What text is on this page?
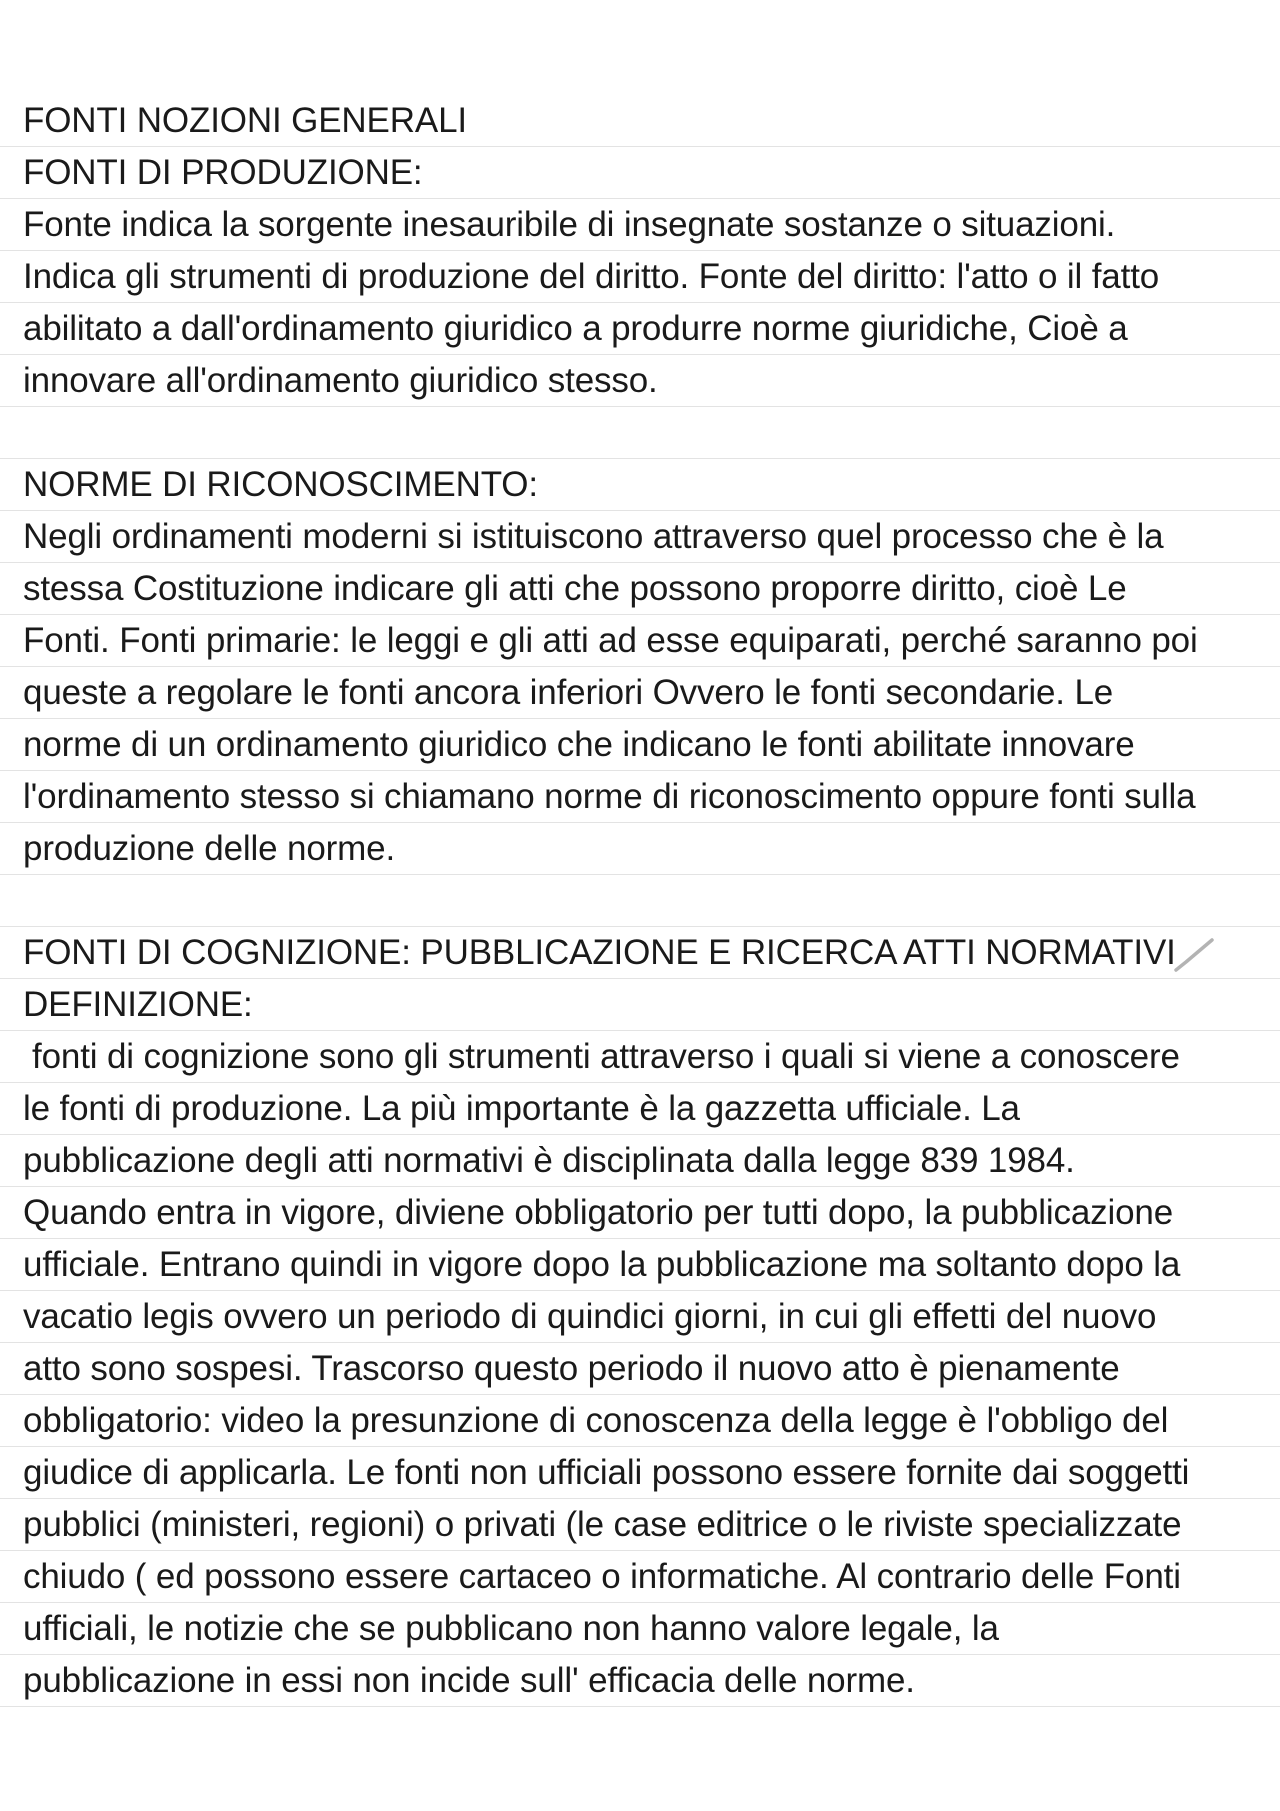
FONTI NOZIONI GENERALI
FONTI DI PRODUZIONE:
Fonte indica la sorgente inesauribile di insegnate sostanze o situazioni.
Indica gli strumenti di produzione del diritto. Fonte del diritto: l'atto o il fatto
abilitato a dall'ordinamento giuridico a produrre norme giuridiche, Cioè a
innovare all'ordinamento giuridico stesso.
NORME DI RICONOSCIMENTO:
Negli ordinamenti moderni si istituiscono attraverso quel processo che è la
stessa Costituzione indicare gli atti che possono proporre diritto, cioè Le
Fonti. Fonti primarie: le leggi e gli atti ad esse equiparati, perché saranno poi
queste a regolare le fonti ancora inferiori Ovvero le fonti secondarie. Le
norme di un ordinamento giuridico che indicano le fonti abilitate innovare
l'ordinamento stesso si chiamano norme di riconoscimento oppure fonti sulla
produzione delle norme.
FONTI DI COGNIZIONE: PUBBLICAZIONE E RICERCA ATTI NORMATIVI
DEFINIZIONE:
fonti di cognizione sono gli strumenti attraverso i quali si viene a conoscere
le fonti di produzione. La più importante è la gazzetta ufficiale. La
pubblicazione degli atti normativi è disciplinata dalla legge 839 1984.
Quando entra in vigore, diviene obbligatorio per tutti dopo, la pubblicazione
ufficiale. Entrano quindi in vigore dopo la pubblicazione ma soltanto dopo la
vacatio legis ovvero un periodo di quindici giorni, in cui gli effetti del nuovo
atto sono sospesi. Trascorso questo periodo il nuovo atto è pienamente
obbligatorio: video la presunzione di conoscenza della legge è l'obbligo del
giudice di applicarla. Le fonti non ufficiali possono essere fornite dai soggetti
pubblici (ministeri, regioni) o privati (le case editrice o le riviste specializzate
chiudo ( ed possono essere cartaceo o informatiche. Al contrario delle Fonti
ufficiali, le notizie che se pubblicano non hanno valore legale, la
pubblicazione in essi non incide sull' efficacia delle norme.
